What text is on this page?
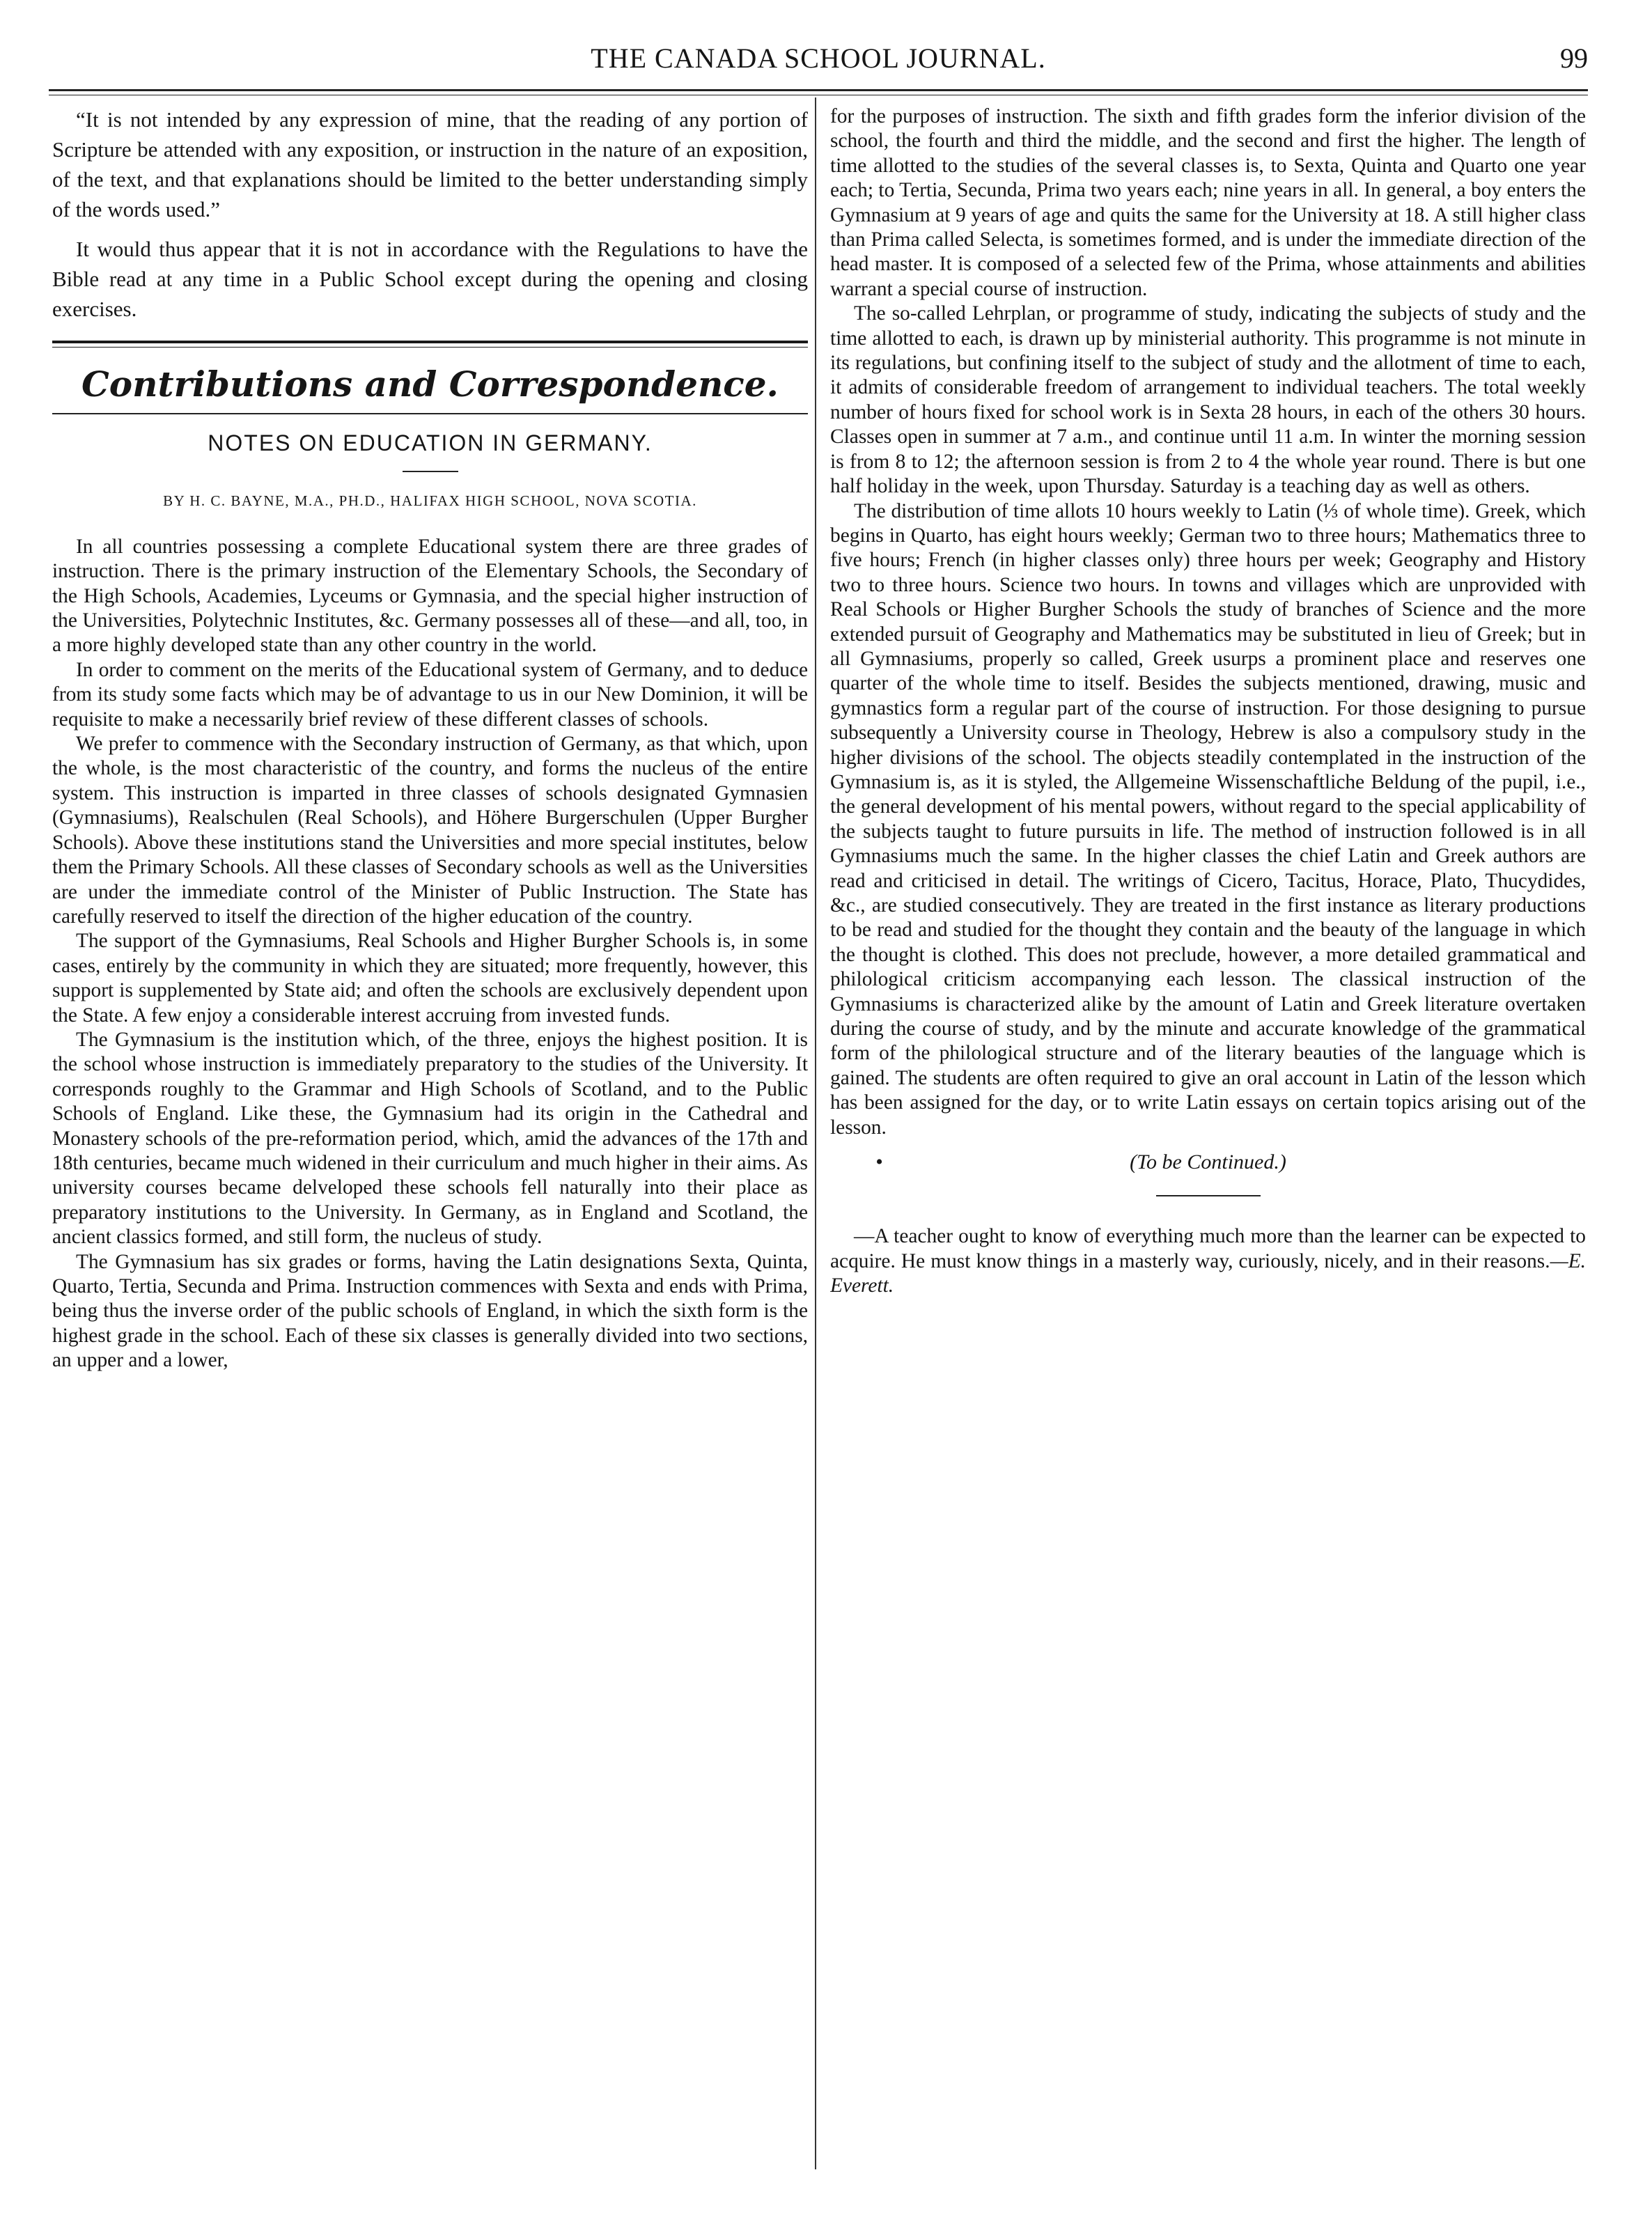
THE CANADA SCHOOL JOURNAL.	99

“It is not intended by any expression of mine, that the reading of any portion of Scripture be attended with any exposition, or instruction in the nature of an exposition, of the text, and that explanations should be limited to the better understanding simply of the words used.”

It would thus appear that it is not in accordance with the Regulations to have the Bible read at any time in a Public School except during the opening and closing exercises.

Contributions and Correspondence.
NOTES ON EDUCATION IN GERMANY.
BY H. C. BAYNE, M.A., PH.D., HALIFAX HIGH SCHOOL, NOVA SCOTIA.

In all countries possessing a complete Educational system there are three grades of instruction. There is the primary instruction of the Elementary Schools, the Secondary of the High Schools, Academies, Lyceums or Gymnasia, and the special higher instruction of the Universities, Polytechnic Institutes, &c. Germany possesses all of these—and all, too, in a more highly developed state than any other country in the world.

In order to comment on the merits of the Educational system of Germany, and to deduce from its study some facts which may be of advantage to us in our New Dominion, it will be requisite to make a necessarily brief review of these different classes of schools.

We prefer to commence with the Secondary instruction of Germany, as that which, upon the whole, is the most characteristic of the country, and forms the nucleus of the entire system. This instruction is imparted in three classes of schools designated Gymnasien (Gymnasiums), Realschulen (Real Schools), and Höhere Burgerschulen (Upper Burgher Schools). Above these institutions stand the Universities and more special institutes, below them the Primary Schools. All these classes of Secondary schools as well as the Universities are under the immediate control of the Minister of Public Instruction. The State has carefully reserved to itself the direction of the higher education of the country.

The support of the Gymnasiums, Real Schools and Higher Burgher Schools is, in some cases, entirely by the community in which they are situated; more frequently, however, this support is supplemented by State aid; and often the schools are exclusively dependent upon the State. A few enjoy a considerable interest accruing from invested funds.

The Gymnasium is the institution which, of the three, enjoys the highest position. It is the school whose instruction is immediately preparatory to the studies of the University. It corresponds roughly to the Grammar and High Schools of Scotland, and to the Public Schools of England. Like these, the Gymnasium had its origin in the Cathedral and Monastery schools of the pre-reformation period, which, amid the advances of the 17th and 18th centuries, became much widened in their curriculum and much higher in their aims. As university courses became delveloped these schools fell naturally into their place as preparatory institutions to the University. In Germany, as in England and Scotland, the ancient classics formed, and still form, the nucleus of study.

The Gymnasium has six grades or forms, having the Latin designations Sexta, Quinta, Quarto, Tertia, Secunda and Prima. Instruction commences with Sexta and ends with Prima, being thus the inverse order of the public schools of England, in which the sixth form is the highest grade in the school. Each of these six classes is generally divided into two sections, an upper and a lower,

for the purposes of instruction. The sixth and fifth grades form the inferior division of the school, the fourth and third the middle, and the second and first the higher. The length of time allotted to the studies of the several classes is, to Sexta, Quinta and Quarto one year each; to Tertia, Secunda, Prima two years each; nine years in all. In general, a boy enters the Gymnasium at 9 years of age and quits the same for the University at 18. A still higher class than Prima called Selecta, is sometimes formed, and is under the immediate direction of the head master. It is composed of a selected few of the Prima, whose attainments and abilities warrant a special course of instruction.

The so-called Lehrplan, or programme of study, indicating the subjects of study and the time allotted to each, is drawn up by ministerial authority. This programme is not minute in its regulations, but confining itself to the subject of study and the allotment of time to each, it admits of considerable freedom of arrangement to individual teachers. The total weekly number of hours fixed for school work is in Sexta 28 hours, in each of the others 30 hours. Classes open in summer at 7 a.m., and continue until 11 a.m. In winter the morning session is from 8 to 12; the afternoon session is from 2 to 4 the whole year round. There is but one half holiday in the week, upon Thursday. Saturday is a teaching day as well as others.

The distribution of time allots 10 hours weekly to Latin (⅓ of whole time). Greek, which begins in Quarto, has eight hours weekly; German two to three hours; Mathematics three to five hours; French (in higher classes only) three hours per week; Geography and History two to three hours. Science two hours. In towns and villages which are unprovided with Real Schools or Higher Burgher Schools the study of branches of Science and the more extended pursuit of Geography and Mathematics may be substituted in lieu of Greek; but in all Gymnasiums, properly so called, Greek usurps a prominent place and reserves one quarter of the whole time to itself. Besides the subjects mentioned, drawing, music and gymnastics form a regular part of the course of instruction. For those designing to pursue subsequently a University course in Theology, Hebrew is also a compulsory study in the higher divisions of the school. The objects steadily contemplated in the instruction of the Gymnasium is, as it is styled, the Allgemeine Wissenschaftliche Beldung of the pupil, i.e., the general development of his mental powers, without regard to the special applicability of the subjects taught to future pursuits in life. The method of instruction followed is in all Gymnasiums much the same. In the higher classes the chief Latin and Greek authors are read and criticised in detail. The writings of Cicero, Tacitus, Horace, Plato, Thucydides, &c., are studied consecutively. They are treated in the first instance as literary productions to be read and studied for the thought they contain and the beauty of the language in which the thought is clothed. This does not preclude, however, a more detailed grammatical and philological criticism accompanying each lesson. The classical instruction of the Gymnasiums is characterized alike by the amount of Latin and Greek literature overtaken during the course of study, and by the minute and accurate knowledge of the grammatical form of the philological structure and of the literary beauties of the language which is gained. The students are often required to give an oral account in Latin of the lesson which has been assigned for the day, or to write Latin essays on certain topics arising out of the lesson.

•	(To be Continued.)

—A teacher ought to know of everything much more than the learner can be expected to acquire. He must know things in a masterly way, curiously, nicely, and in their reasons.—E. Everett.
